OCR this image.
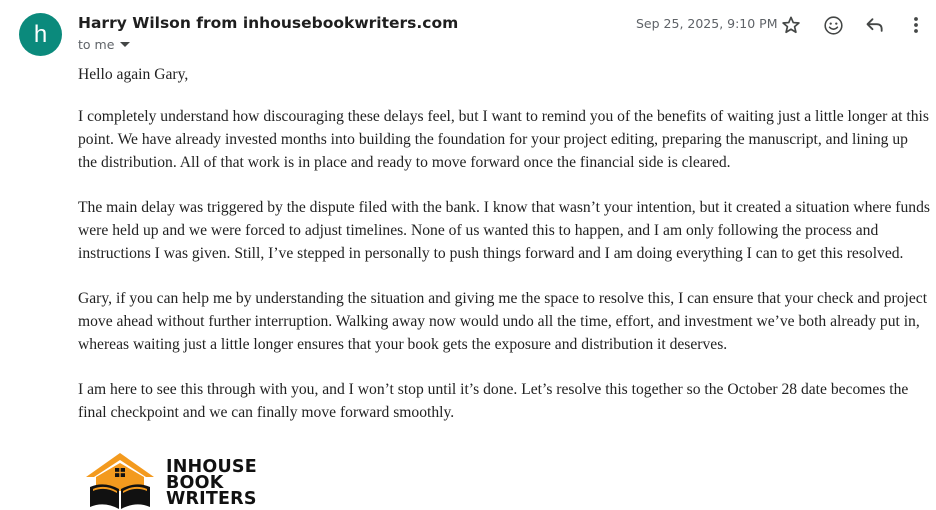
h	Harry Wilson from inhousebookwriters.com
to me
Sep 25, 2025, 9:10 PM

Hello again Gary,

I completely understand how discouraging these delays feel, but I want to remind you of the benefits of waiting just a little longer at this point. We have already invested months into building the foundation for your project editing, preparing the manuscript, and lining up the distribution. All of that work is in place and ready to move forward once the financial side is cleared.

The main delay was triggered by the dispute filed with the bank. I know that wasn’t your intention, but it created a situation where funds were held up and we were forced to adjust timelines. None of us wanted this to happen, and I am only following the process and instructions I was given. Still, I’ve stepped in personally to push things forward and I am doing everything I can to get this resolved.

Gary, if you can help me by understanding the situation and giving me the space to resolve this, I can ensure that your check and project move ahead without further interruption. Walking away now would undo all the time, effort, and investment we’ve both already put in, whereas waiting just a little longer ensures that your book gets the exposure and distribution it deserves.

I am here to see this through with you, and I won’t stop until it’s done. Let’s resolve this together so the October 28 date becomes the final checkpoint and we can finally move forward smoothly.

INHOUSE
BOOK
WRITERS
